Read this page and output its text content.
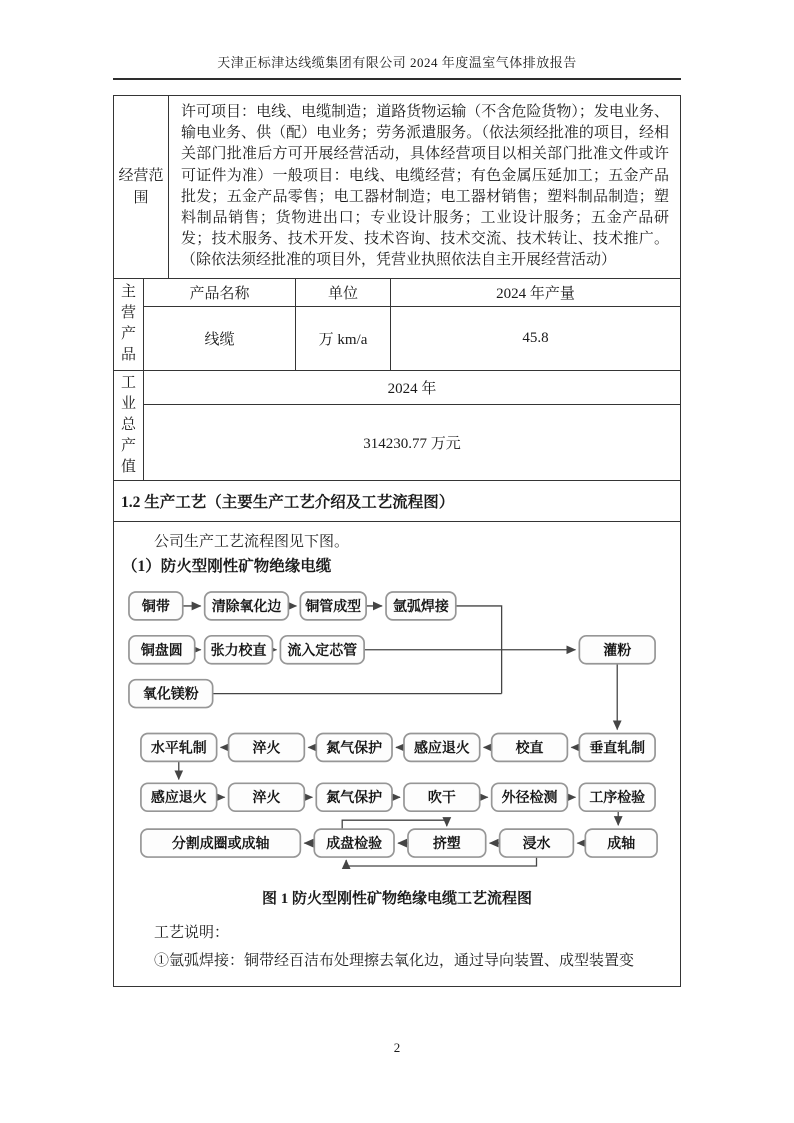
天津正标津达线缆集团有限公司 2024 年度温室气体排放报告
经营范围
许可项目：电线、电缆制造；道路货物运输（不含危险货物）；发电业务、输电业务、供（配）电业务；劳务派遣服务。（依法须经批准的项目，经相关部门批准后方可开展经营活动，具体经营项目以相关部门批准文件或许可证件为准）一般项目：电线、电缆经营；有色金属压延加工；五金产品批发；五金产品零售；电工器材制造；电工器材销售；塑料制品制造；塑料制品销售；货物进出口；专业设计服务；工业设计服务；五金产品研发；技术服务、技术开发、技术咨询、技术交流、技术转让、技术推广。（除依法须经批准的项目外，凭营业执照依法自主开展经营活动）
主营产品
产品名称	单位	2024 年产量
线缆	万 km/a	45.8
工业总产值
2024 年
314230.77 万元
1.2 生产工艺（主要生产工艺介绍及工艺流程图）
公司生产工艺流程图见下图。
（1）防火型刚性矿物绝缘电缆
铜带	清除氧化边 铜管成型 氩弧焊接
铜盘圆 张力校直 流入定芯管	灌粉
氧化镁粉
水平轧制	淬火	氮气保护 感应退火	校直	垂直轧制
感应退火	淬火	氮气保护	吹干	外径检测 工序检验
分割成圈或成轴	成盘检验	挤塑	浸水	成轴
图 1 防火型刚性矿物绝缘电缆工艺流程图
工艺说明：
①氩弧焊接：铜带经百洁布处理擦去氧化边，通过导向装置、成型装置变
2
